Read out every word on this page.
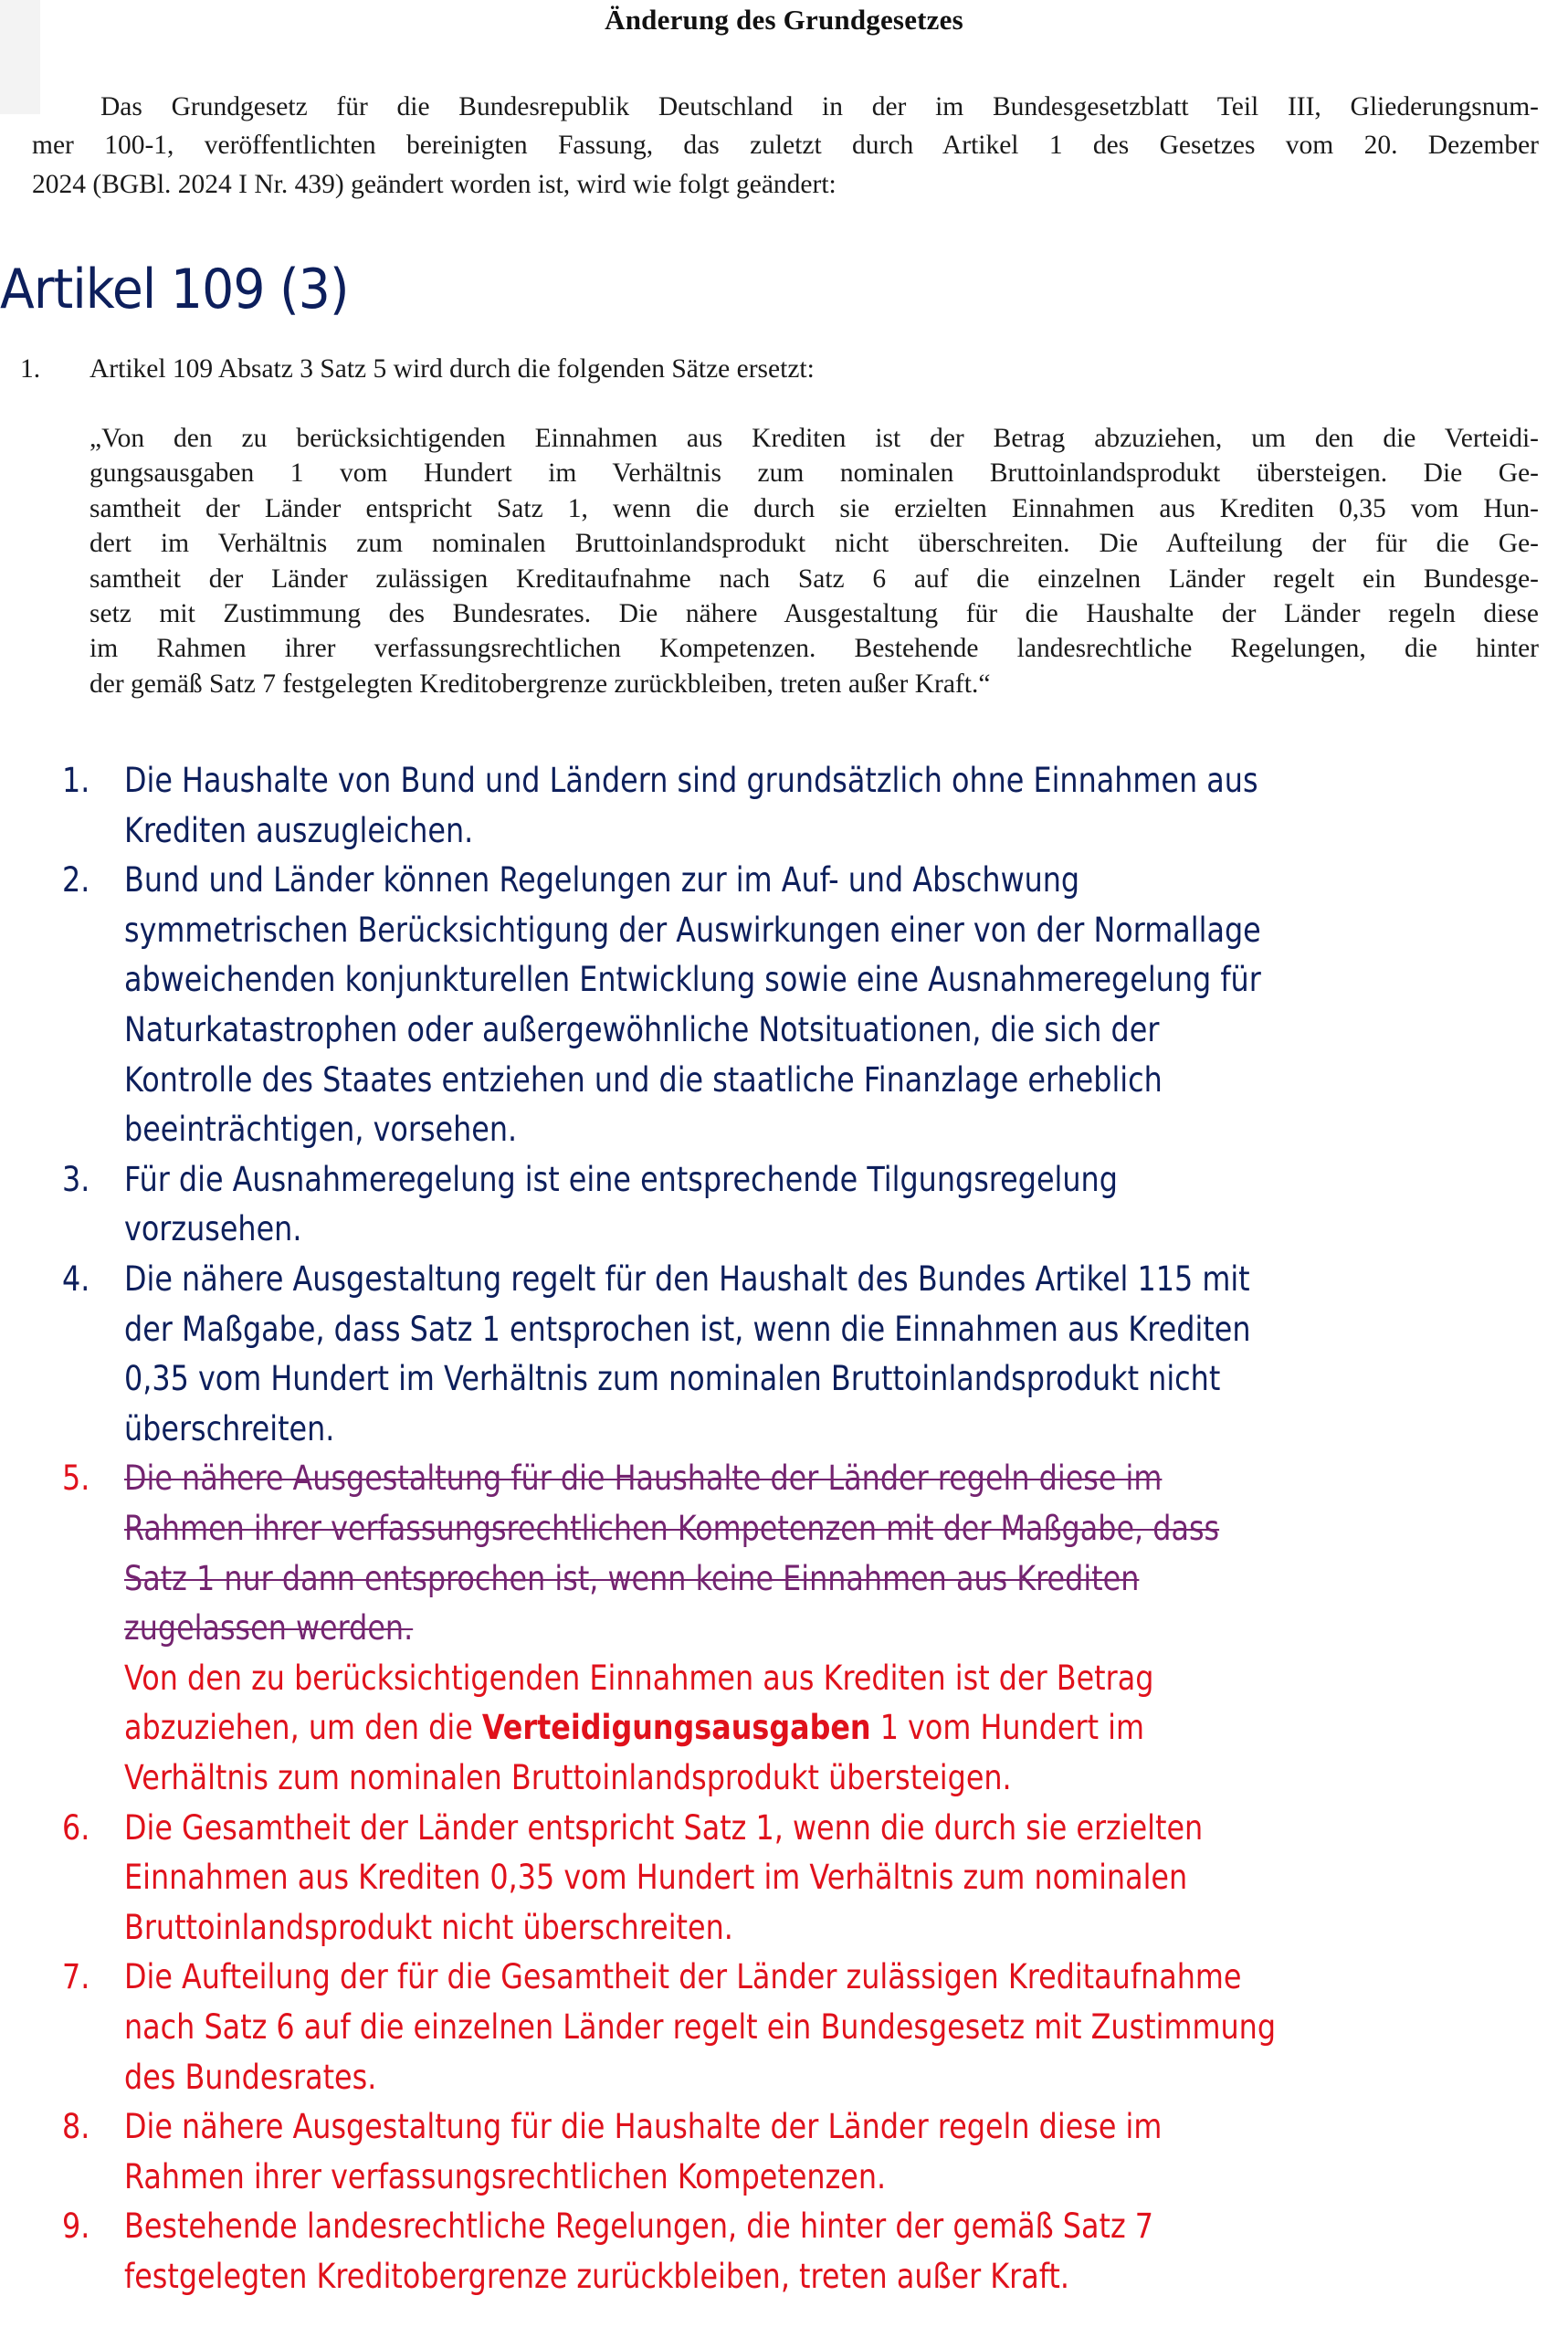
Änderung des Grundgesetzes
Das Grundgesetz für die Bundesrepublik Deutschland in der im Bundesgesetzblatt Teil III, Gliederungsnum-
mer 100-1, veröffentlichten bereinigten Fassung, das zuletzt durch Artikel 1 des Gesetzes vom 20. Dezember
2024 (BGBl. 2024 I Nr. 439) geändert worden ist, wird wie folgt geändert:
Artikel 109 (3)
1. Artikel 109 Absatz 3 Satz 5 wird durch die folgenden Sätze ersetzt:
„Von den zu berücksichtigenden Einnahmen aus Krediten ist der Betrag abzuziehen, um den die Verteidi-
gungsausgaben 1 vom Hundert im Verhältnis zum nominalen Bruttoinlandsprodukt übersteigen. Die Ge-
samtheit der Länder entspricht Satz 1, wenn die durch sie erzielten Einnahmen aus Krediten 0,35 vom Hun-
dert im Verhältnis zum nominalen Bruttoinlandsprodukt nicht überschreiten. Die Aufteilung der für die Ge-
samtheit der Länder zulässigen Kreditaufnahme nach Satz 6 auf die einzelnen Länder regelt ein Bundesge-
setz mit Zustimmung des Bundesrates. Die nähere Ausgestaltung für die Haushalte der Länder regeln diese
im Rahmen ihrer verfassungsrechtlichen Kompetenzen. Bestehende landesrechtliche Regelungen, die hinter
der gemäß Satz 7 festgelegten Kreditobergrenze zurückbleiben, treten außer Kraft.“
1. Die Haushalte von Bund und Ländern sind grundsätzlich ohne Einnahmen aus
Krediten auszugleichen.
2. Bund und Länder können Regelungen zur im Auf- und Abschwung
symmetrischen Berücksichtigung der Auswirkungen einer von der Normallage
abweichenden konjunkturellen Entwicklung sowie eine Ausnahmeregelung für
Naturkatastrophen oder außergewöhnliche Notsituationen, die sich der
Kontrolle des Staates entziehen und die staatliche Finanzlage erheblich
beeinträchtigen, vorsehen.
3. Für die Ausnahmeregelung ist eine entsprechende Tilgungsregelung
vorzusehen.
4. Die nähere Ausgestaltung regelt für den Haushalt des Bundes Artikel 115 mit
der Maßgabe, dass Satz 1 entsprochen ist, wenn die Einnahmen aus Krediten
0,35 vom Hundert im Verhältnis zum nominalen Bruttoinlandsprodukt nicht
überschreiten.
5. Die nähere Ausgestaltung für die Haushalte der Länder regeln diese im
Rahmen ihrer verfassungsrechtlichen Kompetenzen mit der Maßgabe, dass
Satz 1 nur dann entsprochen ist, wenn keine Einnahmen aus Krediten
zugelassen werden.
Von den zu berücksichtigenden Einnahmen aus Krediten ist der Betrag
abzuziehen, um den die Verteidigungsausgaben 1 vom Hundert im
Verhältnis zum nominalen Bruttoinlandsprodukt übersteigen.
6. Die Gesamtheit der Länder entspricht Satz 1, wenn die durch sie erzielten
Einnahmen aus Krediten 0,35 vom Hundert im Verhältnis zum nominalen
Bruttoinlandsprodukt nicht überschreiten.
7. Die Aufteilung der für die Gesamtheit der Länder zulässigen Kreditaufnahme
nach Satz 6 auf die einzelnen Länder regelt ein Bundesgesetz mit Zustimmung
des Bundesrates.
8. Die nähere Ausgestaltung für die Haushalte der Länder regeln diese im
Rahmen ihrer verfassungsrechtlichen Kompetenzen.
9. Bestehende landesrechtliche Regelungen, die hinter der gemäß Satz 7
festgelegten Kreditobergrenze zurückbleiben, treten außer Kraft.
